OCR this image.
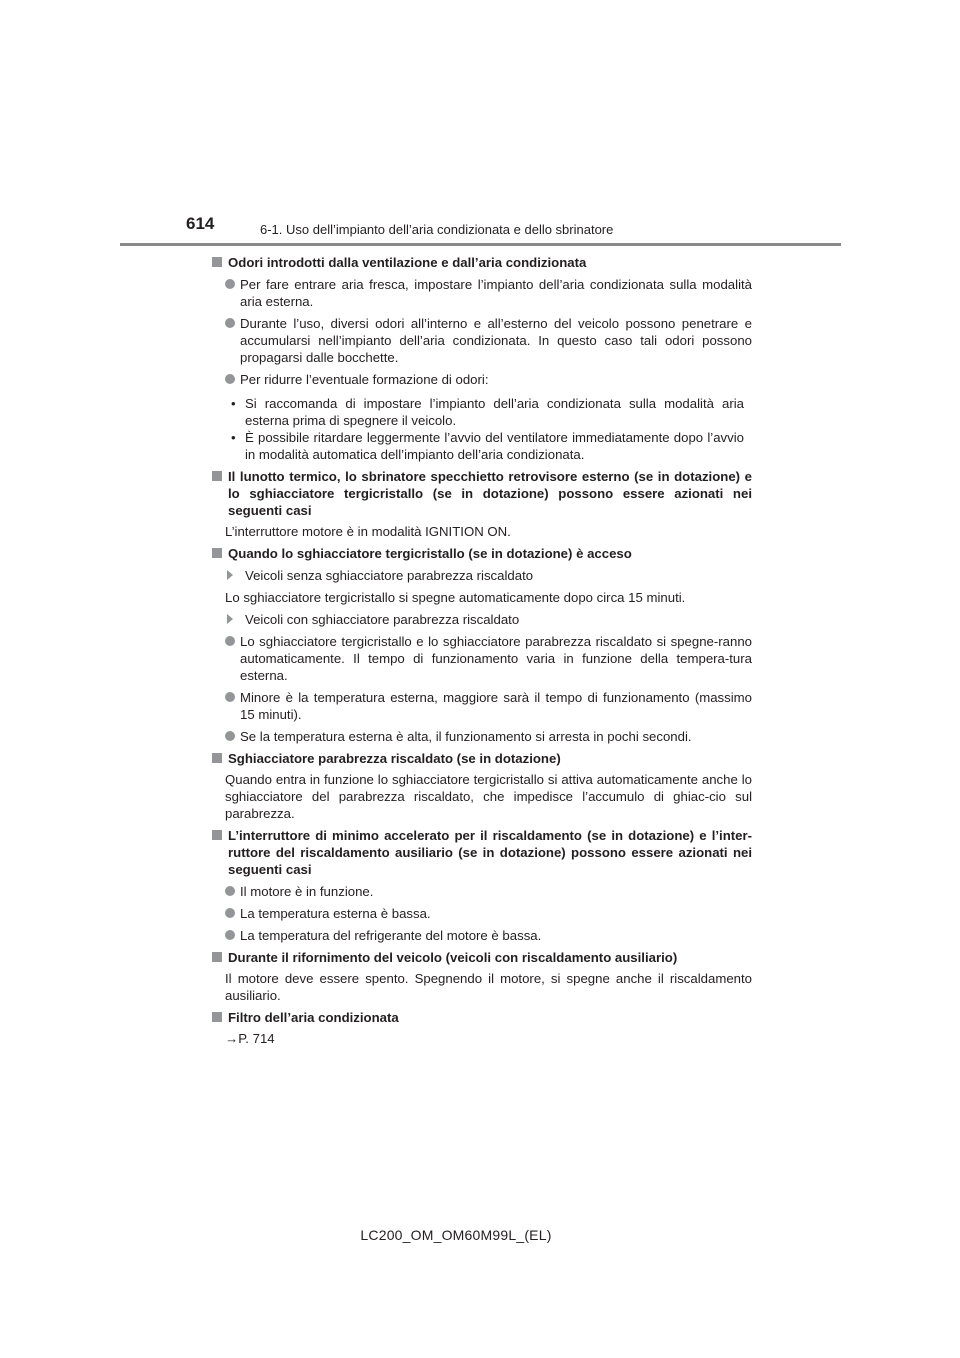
614	6-1. Uso dell’impianto dell’aria condizionata e dello sbrinatore
Odori introdotti dalla ventilazione e dall’aria condizionata
Per fare entrare aria fresca, impostare l’impianto dell’aria condizionata sulla modalità aria esterna.
Durante l’uso, diversi odori all’interno e all’esterno del veicolo possono penetrare e accumularsi nell’impianto dell’aria condizionata. In questo caso tali odori possono propagarsi dalle bocchette.
Per ridurre l’eventuale formazione di odori:
• Si raccomanda di impostare l’impianto dell’aria condizionata sulla modalità aria esterna prima di spegnere il veicolo.
• È possibile ritardare leggermente l’avvio del ventilatore immediatamente dopo l’avvio in modalità automatica dell’impianto dell’aria condizionata.
Il lunotto termico, lo sbrinatore specchietto retrovisore esterno (se in dotazione) e lo sghiacciatore tergicristallo (se in dotazione) possono essere azionati nei seguenti casi
L’interruttore motore è in modalità IGNITION ON.
Quando lo sghiacciatore tergicristallo (se in dotazione) è acceso
Veicoli senza sghiacciatore parabrezza riscaldato
Lo sghiacciatore tergicristallo si spegne automaticamente dopo circa 15 minuti.
Veicoli con sghiacciatore parabrezza riscaldato
Lo sghiacciatore tergicristallo e lo sghiacciatore parabrezza riscaldato si spegne-ranno automaticamente. Il tempo di funzionamento varia in funzione della tempera-tura esterna.
Minore è la temperatura esterna, maggiore sarà il tempo di funzionamento (massimo 15 minuti).
Se la temperatura esterna è alta, il funzionamento si arresta in pochi secondi.
Sghiacciatore parabrezza riscaldato (se in dotazione)
Quando entra in funzione lo sghiacciatore tergicristallo si attiva automaticamente anche lo sghiacciatore del parabrezza riscaldato, che impedisce l’accumulo di ghiac-cio sul parabrezza.
L’interruttore di minimo accelerato per il riscaldamento (se in dotazione) e l’inter-ruttore del riscaldamento ausiliario (se in dotazione) possono essere azionati nei seguenti casi
Il motore è in funzione.
La temperatura esterna è bassa.
La temperatura del refrigerante del motore è bassa.
Durante il rifornimento del veicolo (veicoli con riscaldamento ausiliario)
Il motore deve essere spento. Spegnendo il motore, si spegne anche il riscaldamento ausiliario.
Filtro dell’aria condizionata
→P. 714
LC200_OM_OM60M99L_(EL)
